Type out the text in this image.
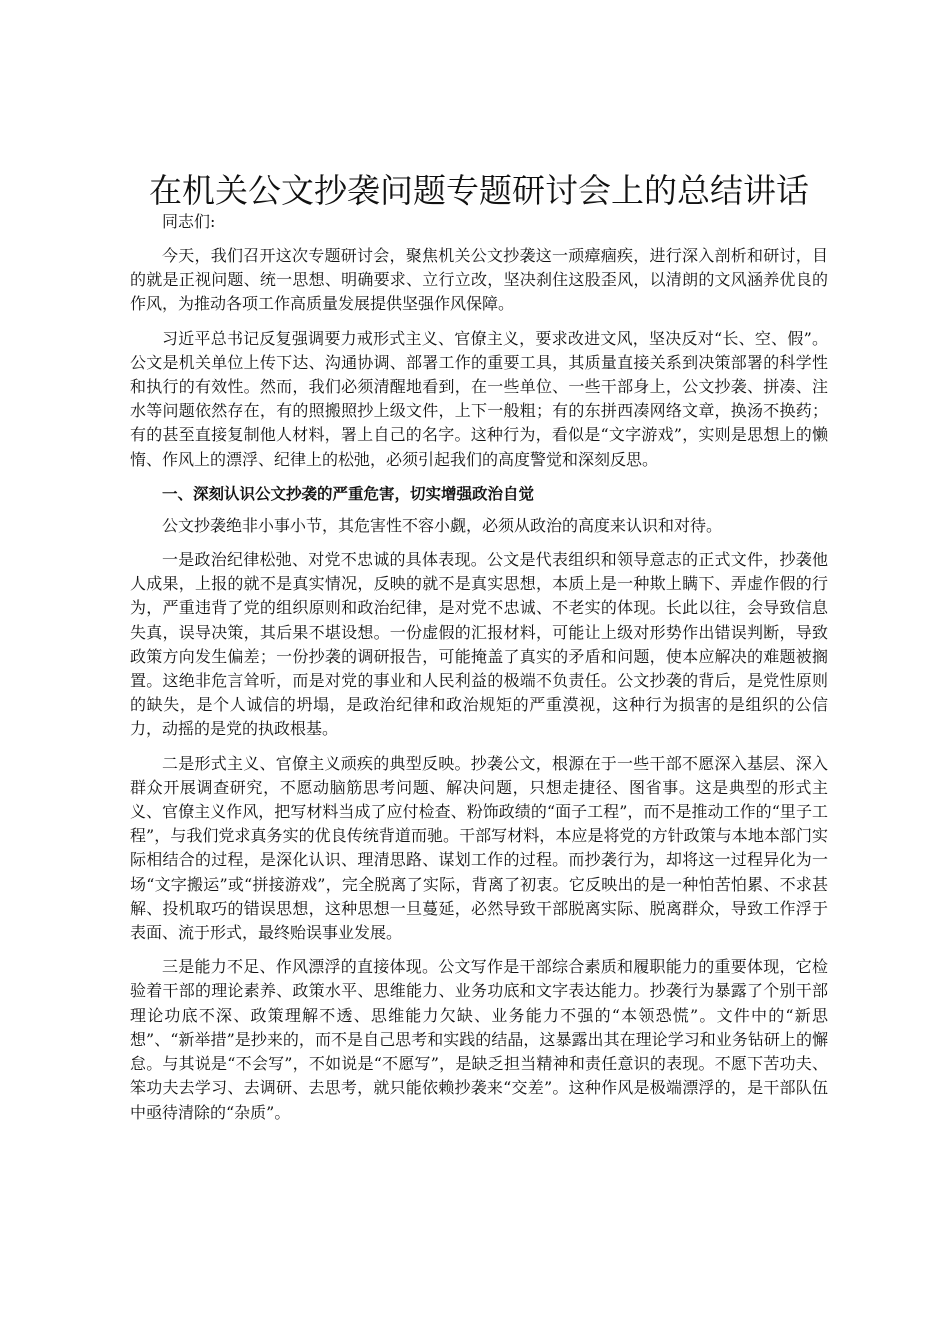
在机关公文抄袭问题专题研讨会上的总结讲话
同志们:

今天，我们召开这次专题研讨会，聚焦机关公文抄袭这一顽瘴痼疾，进行深入剖析和研讨，目的就是正视问题、统一思想、明确要求、立行立改，坚决刹住这股歪风，以清朗的文风涵养优良的作风，为推动各项工作高质量发展提供坚强作风保障。

习近平总书记反复强调要力戒形式主义、官僚主义，要求改进文风，坚决反对“长、空、假”。公文是机关单位上传下达、沟通协调、部署工作的重要工具，其质量直接关系到决策部署的科学性和执行的有效性。然而，我们必须清醒地看到，在一些单位、一些干部身上，公文抄袭、拼凑、注水等问题依然存在，有的照搬照抄上级文件，上下一般粗；有的东拼西凑网络文章，换汤不换药；有的甚至直接复制他人材料，署上自己的名字。这种行为，看似是“文字游戏”，实则是思想上的懒惰、作风上的漂浮、纪律上的松弛，必须引起我们的高度警觉和深刻反思。

一、深刻认识公文抄袭的严重危害，切实增强政治自觉

公文抄袭绝非小事小节，其危害性不容小觑，必须从政治的高度来认识和对待。

一是政治纪律松弛、对党不忠诚的具体表现。公文是代表组织和领导意志的正式文件，抄袭他人成果，上报的就不是真实情况，反映的就不是真实思想，本质上是一种欺上瞒下、弄虚作假的行为，严重违背了党的组织原则和政治纪律，是对党不忠诚、不老实的体现。长此以往，会导致信息失真，误导决策，其后果不堪设想。一份虚假的汇报材料，可能让上级对形势作出错误判断，导致政策方向发生偏差；一份抄袭的调研报告，可能掩盖了真实的矛盾和问题，使本应解决的难题被搁置。这绝非危言耸听，而是对党的事业和人民利益的极端不负责任。公文抄袭的背后，是党性原则的缺失，是个人诚信的坍塌，是政治纪律和政治规矩的严重漠视，这种行为损害的是组织的公信力，动摇的是党的执政根基。

二是形式主义、官僚主义顽疾的典型反映。抄袭公文，根源在于一些干部不愿深入基层、深入群众开展调查研究，不愿动脑筋思考问题、解决问题，只想走捷径、图省事。这是典型的形式主义、官僚主义作风，把写材料当成了应付检查、粉饰政绩的“面子工程”，而不是推动工作的“里子工程”，与我们党求真务实的优良传统背道而驰。干部写材料，本应是将党的方针政策与本地本部门实际相结合的过程，是深化认识、理清思路、谋划工作的过程。而抄袭行为，却将这一过程异化为一场“文字搬运”或“拼接游戏”，完全脱离了实际，背离了初衷。它反映出的是一种怕苦怕累、不求甚解、投机取巧的错误思想，这种思想一旦蔓延，必然导致干部脱离实际、脱离群众，导致工作浮于表面、流于形式，最终贻误事业发展。

三是能力不足、作风漂浮的直接体现。公文写作是干部综合素质和履职能力的重要体现，它检验着干部的理论素养、政策水平、思维能力、业务功底和文字表达能力。抄袭行为暴露了个别干部理论功底不深、政策理解不透、思维能力欠缺、业务能力不强的“本领恐慌”。文件中的“新思想”、“新举措”是抄来的，而不是自己思考和实践的结晶，这暴露出其在理论学习和业务钻研上的懈怠。与其说是“不会写”，不如说是“不愿写”，是缺乏担当精神和责任意识的表现。不愿下苦功夫、笨功夫去学习、去调研、去思考，就只能依赖抄袭来“交差”。这种作风是极端漂浮的，是干部队伍中亟待清除的“杂质”。
